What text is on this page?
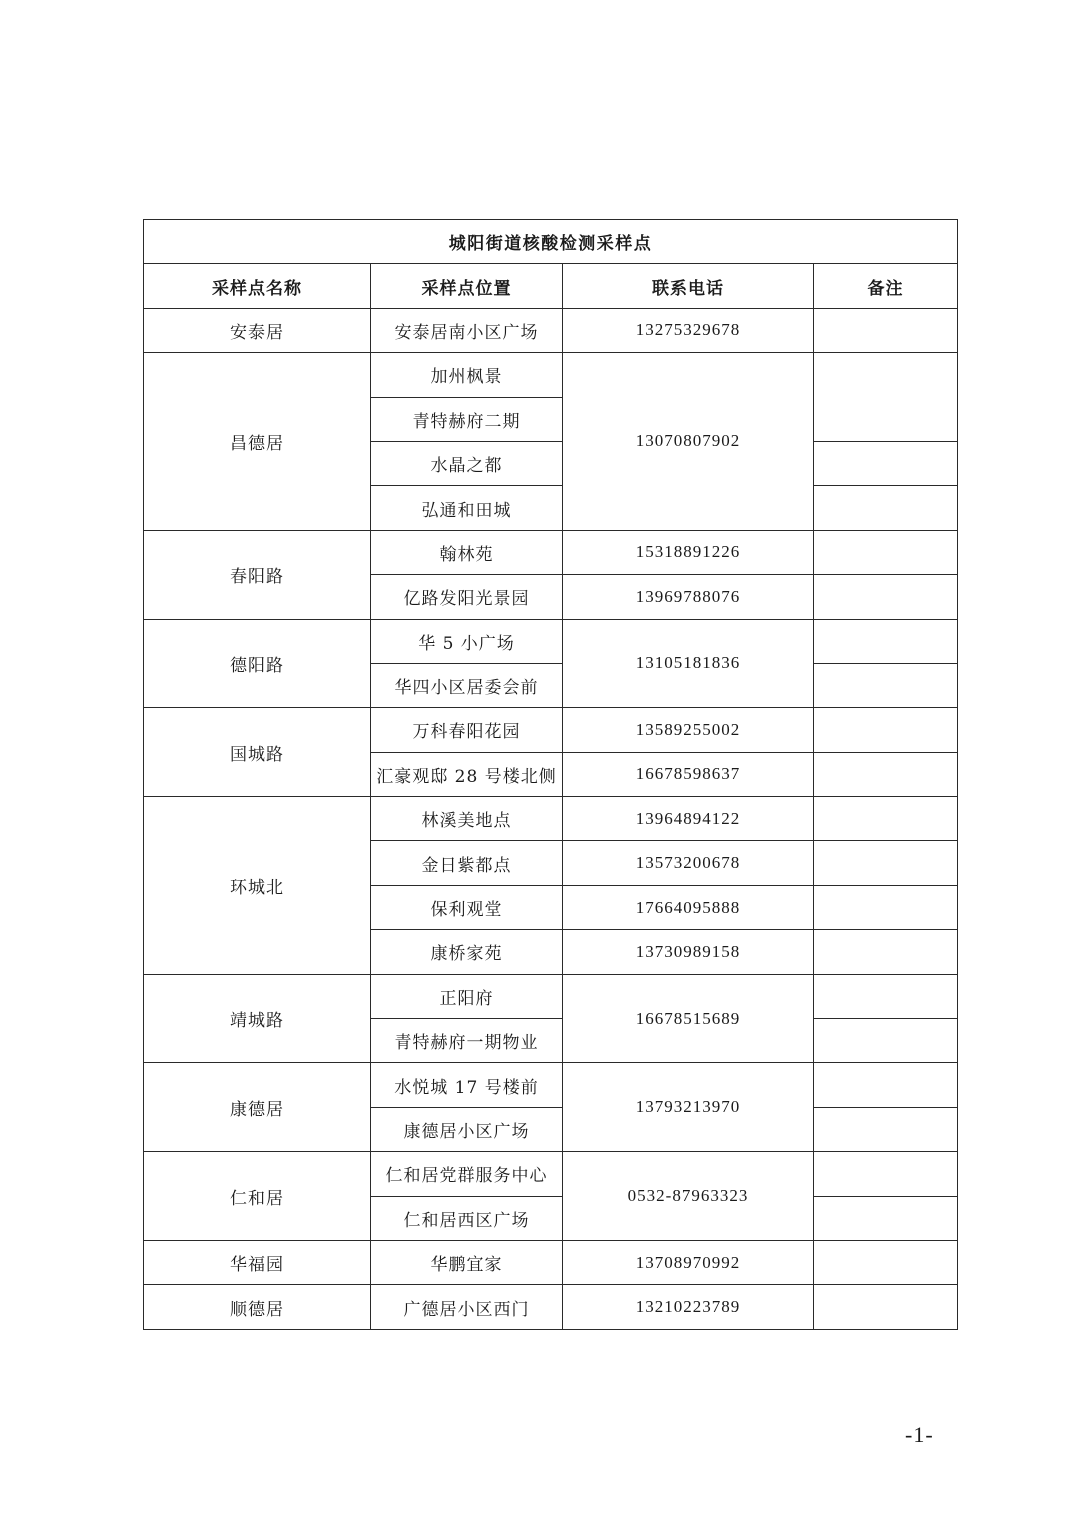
城阳街道核酸检测采样点			
采样点名称	采样点位置	联系电话	备注
安泰居	安泰居南小区广场	13275329678	
昌德居	加州枫景	13070807902	
	青特赫府二期		
	水晶之都		
	弘通和田城		
春阳路	翰林苑	15318891226	
	亿路发阳光景园	13969788076	
德阳路	华 5 小广场	13105181836	
	华四小区居委会前		
国城路	万科春阳花园	13589255002	
	汇豪观邸 28 号楼北侧	16678598637	
环城北	林溪美地点	13964894122	
	金日紫都点	13573200678	
	保利观堂	17664095888	
	康桥家苑	13730989158	
靖城路	正阳府	16678515689	
	青特赫府一期物业		
康德居	水悦城 17 号楼前	13793213970	
	康德居小区广场		
仁和居	仁和居党群服务中心	0532-87963323	
	仁和居西区广场		
华福园	华鹏宜家	13708970992	
顺德居	广德居小区西门	13210223789	
-1-
